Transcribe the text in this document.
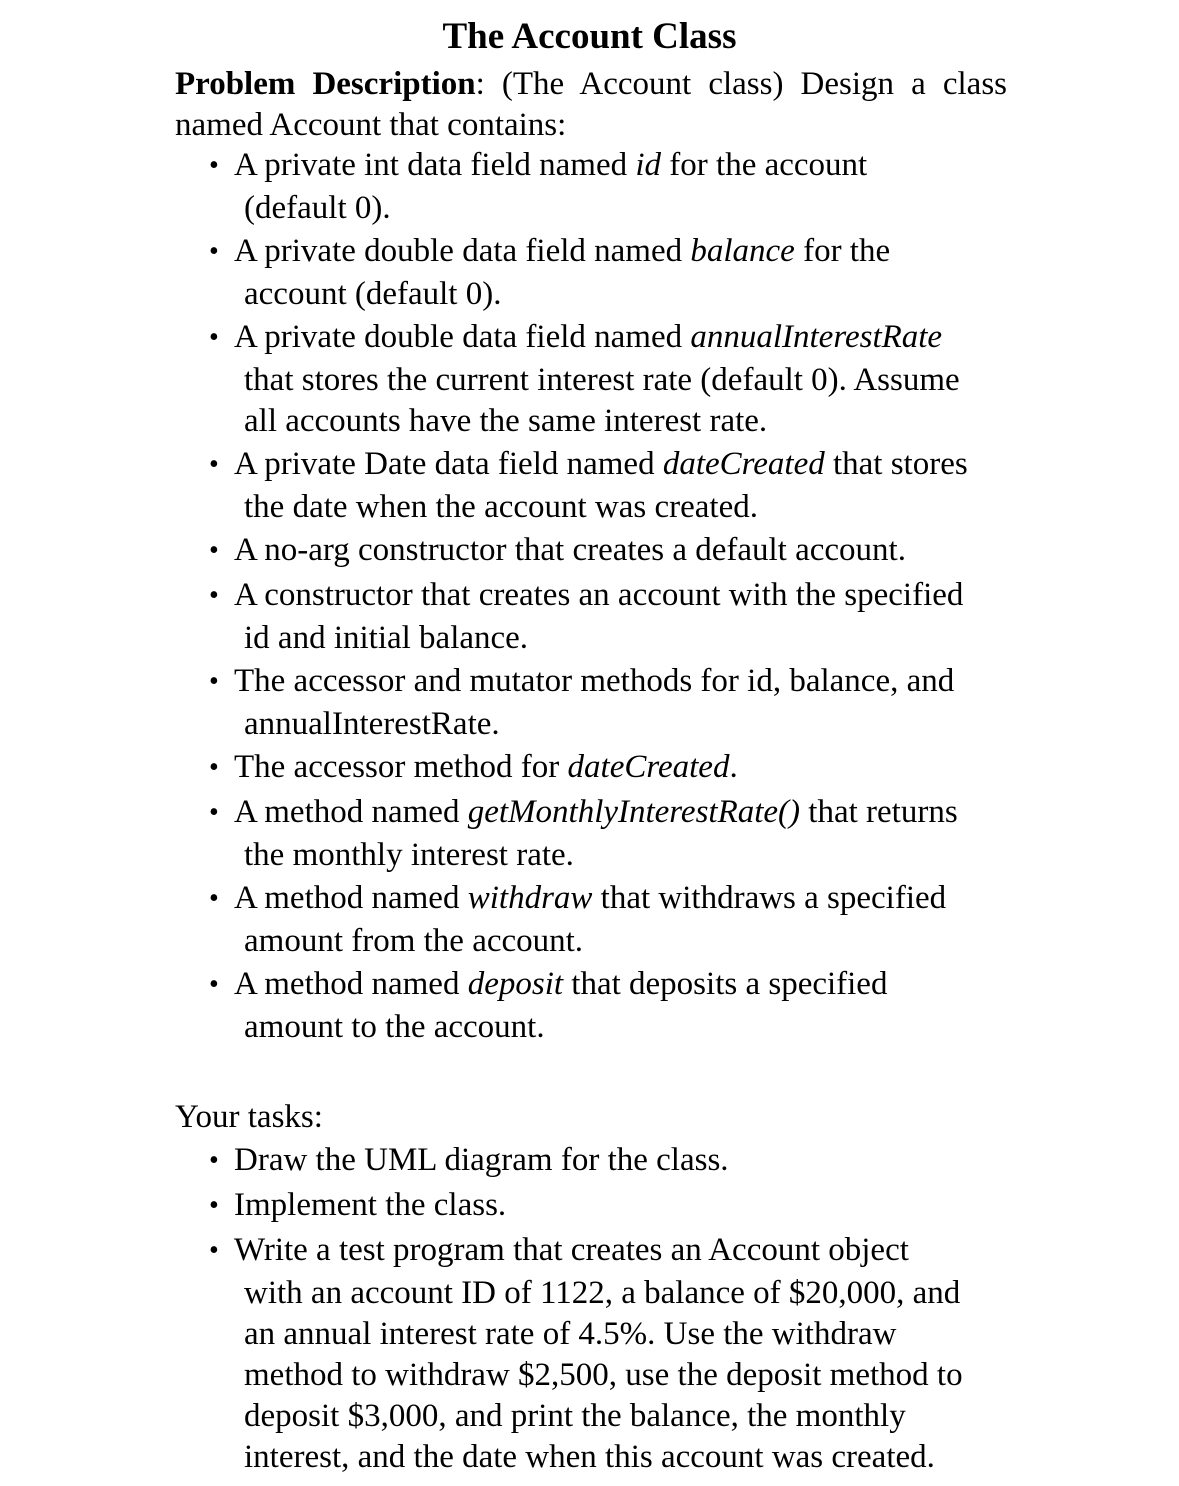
The Account Class
Problem Description: (The Account class) Design a class named Account that contains:
• A private int data field named id for the account
(default 0).
• A private double data field named balance for the
account (default 0).
• A private double data field named annualInterestRate
that stores the current interest rate (default 0). Assume
all accounts have the same interest rate.
• A private Date data field named dateCreated that stores
the date when the account was created.
• A no-arg constructor that creates a default account.
• A constructor that creates an account with the specified
id and initial balance.
• The accessor and mutator methods for id, balance, and
annualInterestRate.
• The accessor method for dateCreated.
• A method named getMonthlyInterestRate() that returns
the monthly interest rate.
• A method named withdraw that withdraws a specified
amount from the account.
• A method named deposit that deposits a specified
amount to the account.
Your tasks:
• Draw the UML diagram for the class.
• Implement the class.
• Write a test program that creates an Account object
with an account ID of 1122, a balance of $20,000, and
an annual interest rate of 4.5%. Use the withdraw
method to withdraw $2,500, use the deposit method to
deposit $3,000, and print the balance, the monthly
interest, and the date when this account was created.
